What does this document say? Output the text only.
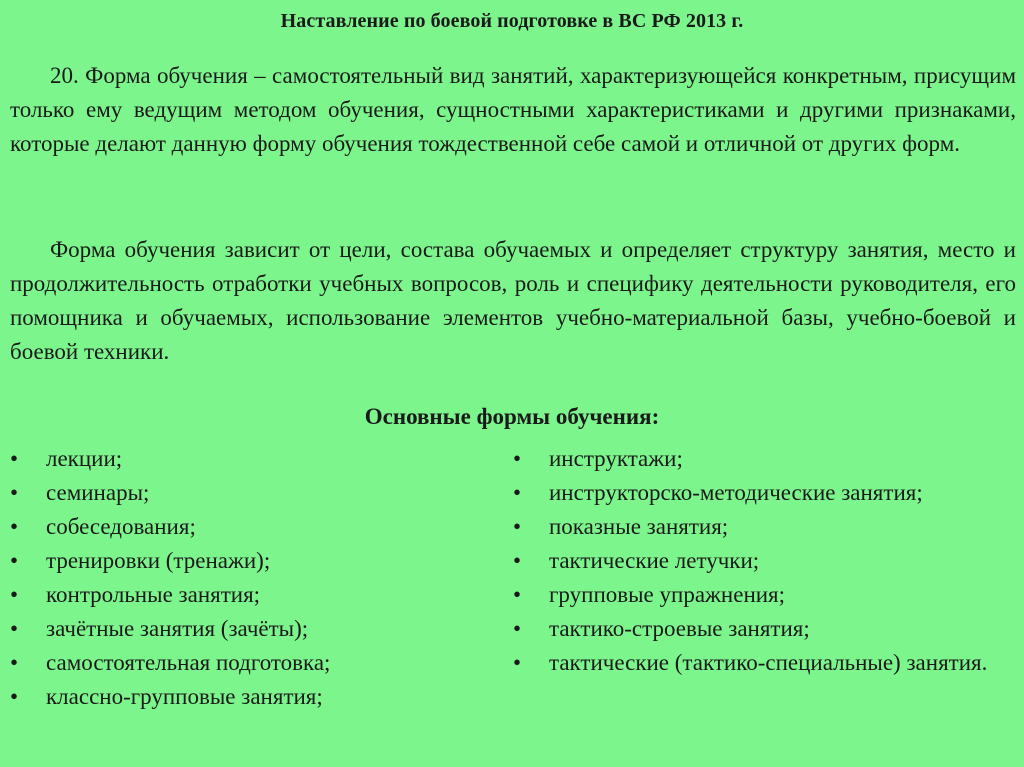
Наставление по боевой подготовке в ВС РФ 2013 г.

20. Форма обучения – самостоятельный вид занятий, характеризующейся конкретным, присущим только ему ведущим методом обучения, сущностными характеристиками и другими признаками, которые делают данную форму обучения тождественной себе самой и отличной от других форм.

Форма обучения зависит от цели, состава обучаемых и определяет структуру занятия, место и продолжительность отработки учебных вопросов, роль и специфику деятельности руководителя, его помощника и обучаемых, использование элементов учебно-материальной базы, учебно-боевой и боевой техники.

Основные формы обучения:
• лекции;
• семинары;
• собеседования;
• тренировки (тренажи);
• контрольные занятия;
• зачётные занятия (зачёты);
• самостоятельная подготовка;
• классно-групповые занятия;
• инструктажи;
• инструкторско-методические занятия;
• показные занятия;
• тактические летучки;
• групповые упражнения;
• тактико-строевые занятия;
• тактические (тактико-специальные) занятия.
